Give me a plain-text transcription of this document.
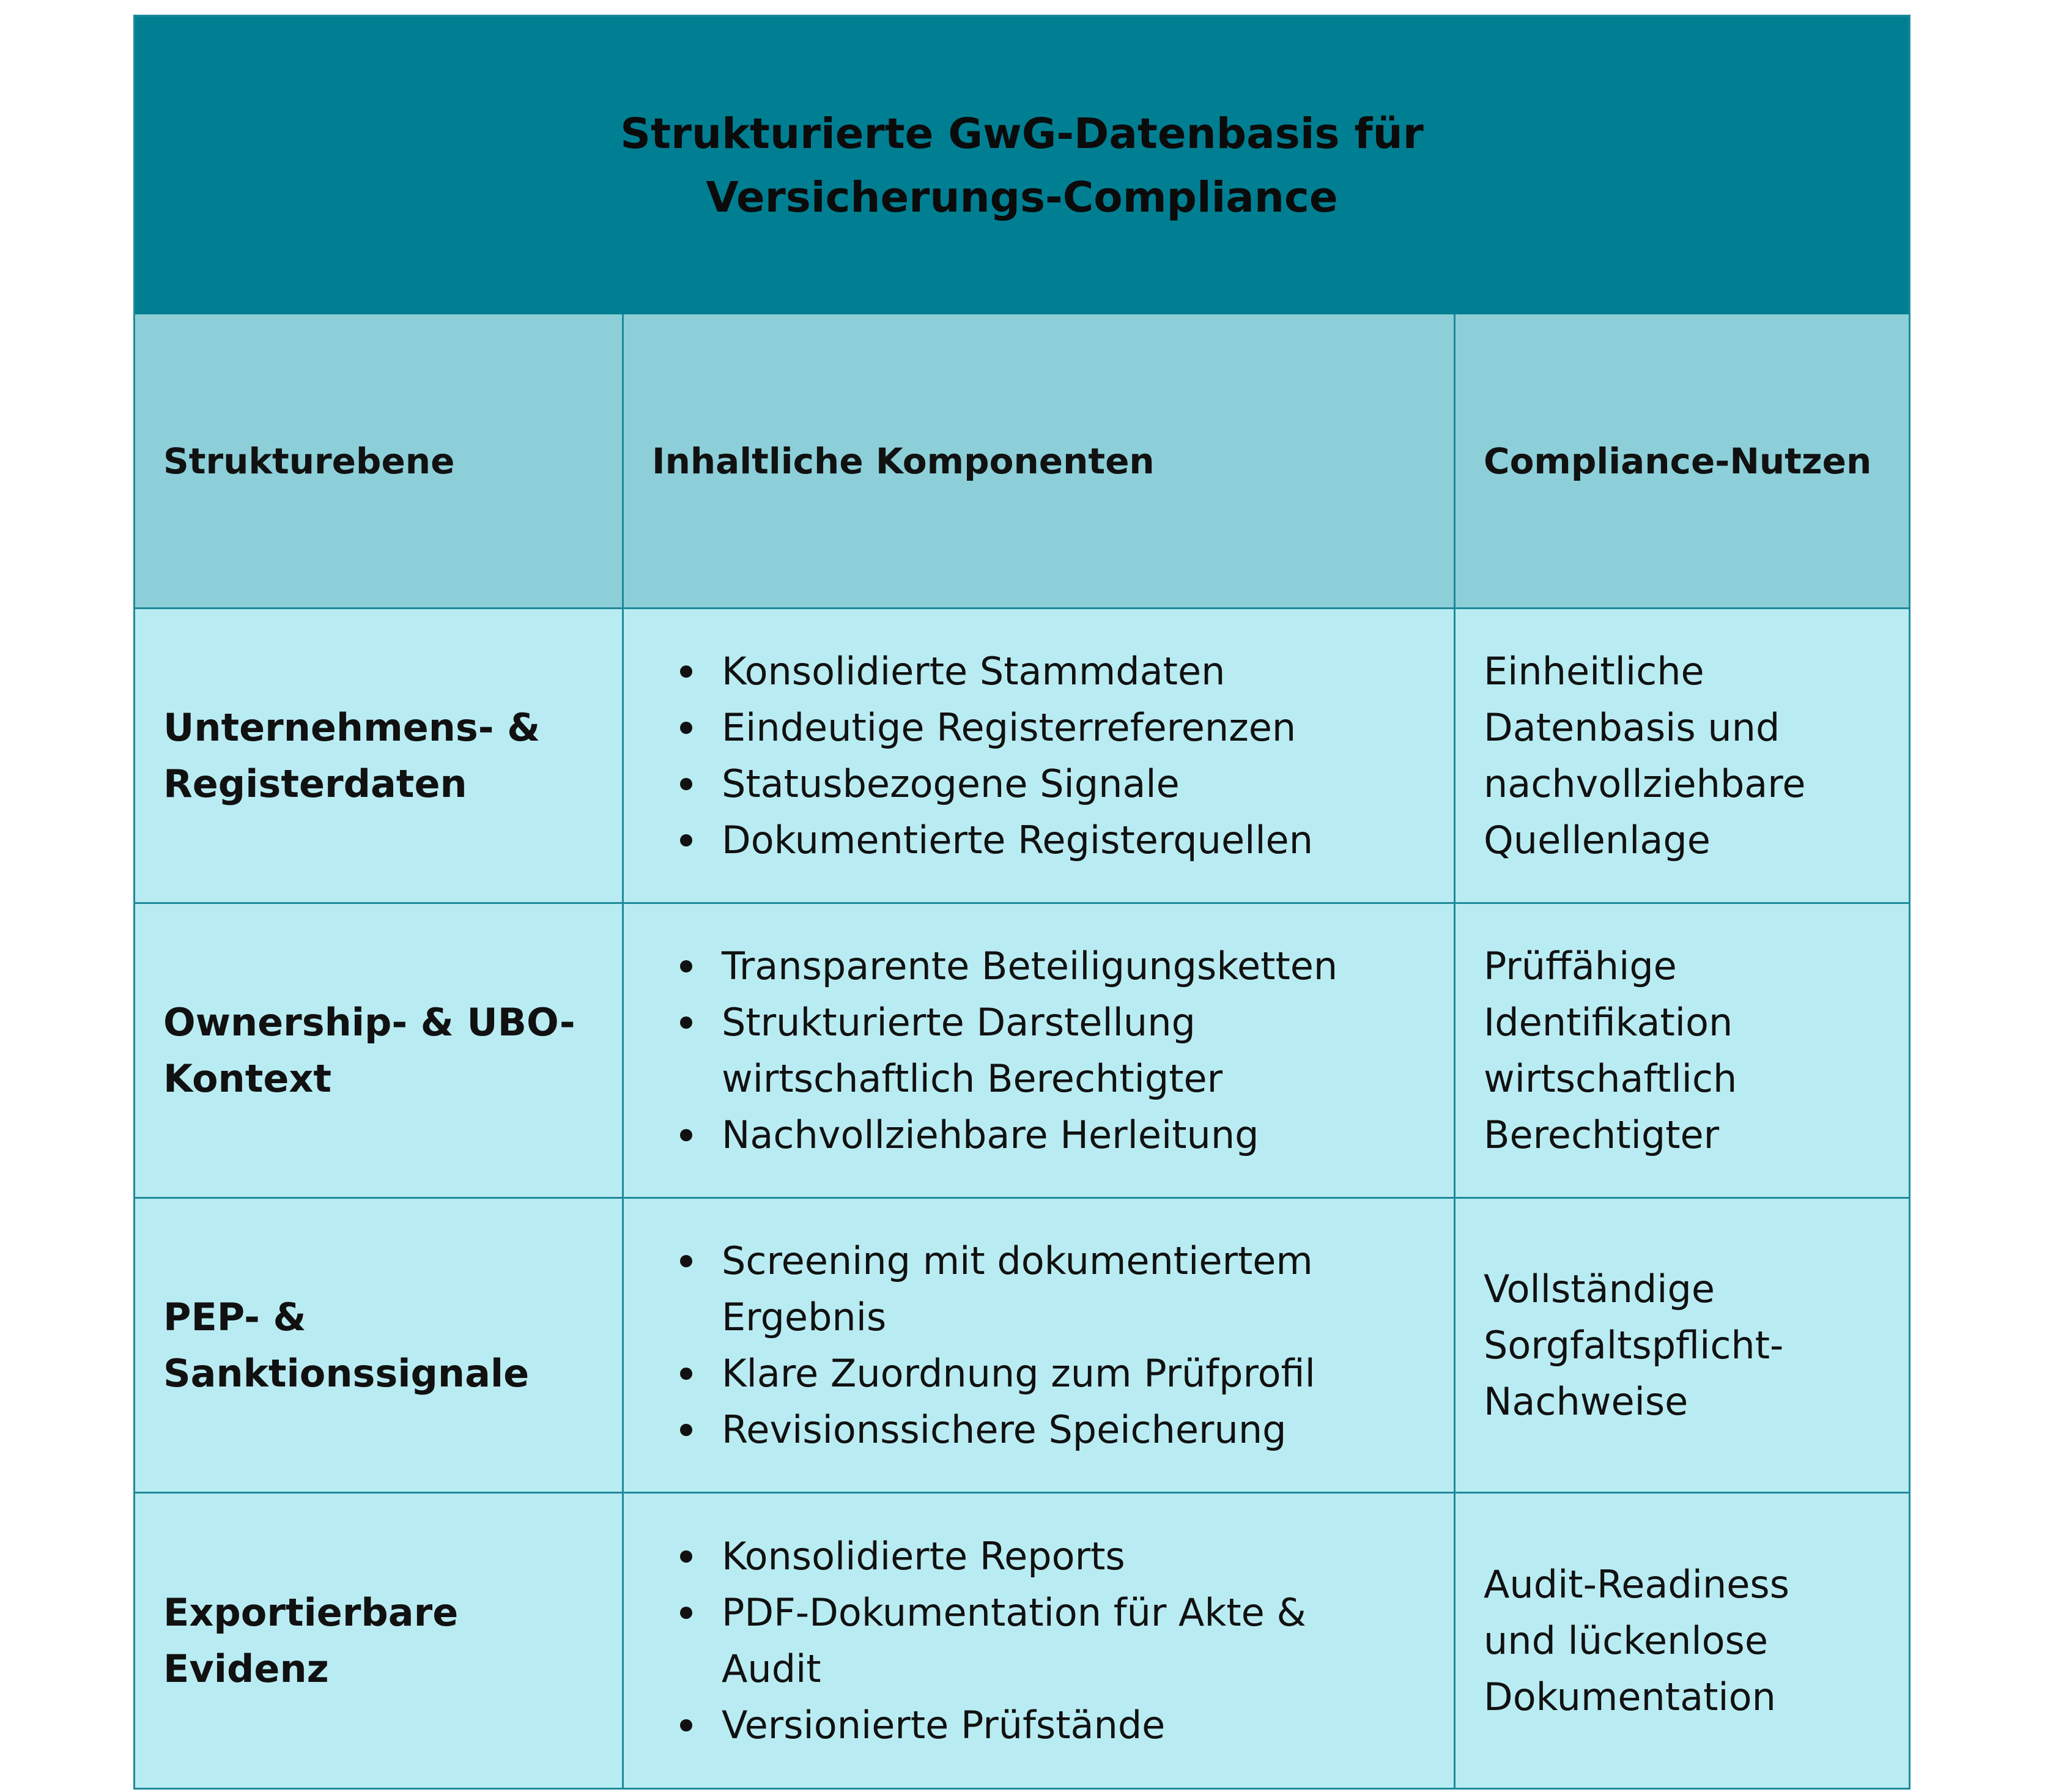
Strukturierte GwG-Datenbasis für
Versicherungs-Compliance
Strukturebene	Inhaltliche Komponenten	Compliance-Nutzen
Unternehmens- &
Registerdaten
Konsolidierte Stammdaten
Eindeutige Registerreferenzen
Statusbezogene Signale
Dokumentierte Registerquellen
Einheitliche
Datenbasis und
nachvollziehbare
Quellenlage
Ownership- & UBO-
Kontext
Transparente Beteiligungsketten
Strukturierte Darstellung
wirtschaftlich Berechtigter
Nachvollziehbare Herleitung
Prüffähige
Identifikation
wirtschaftlich
Berechtigter
PEP- &
Sanktionssignale
Screening mit dokumentiertem
Ergebnis
Klare Zuordnung zum Prüfprofil
Revisionssichere Speicherung
Vollständige
Sorgfaltspflicht-
Nachweise
Exportierbare
Evidenz
Konsolidierte Reports
PDF-Dokumentation für Akte &
Audit
Versionierte Prüfstände
Audit-Readiness
und lückenlose
Dokumentation
